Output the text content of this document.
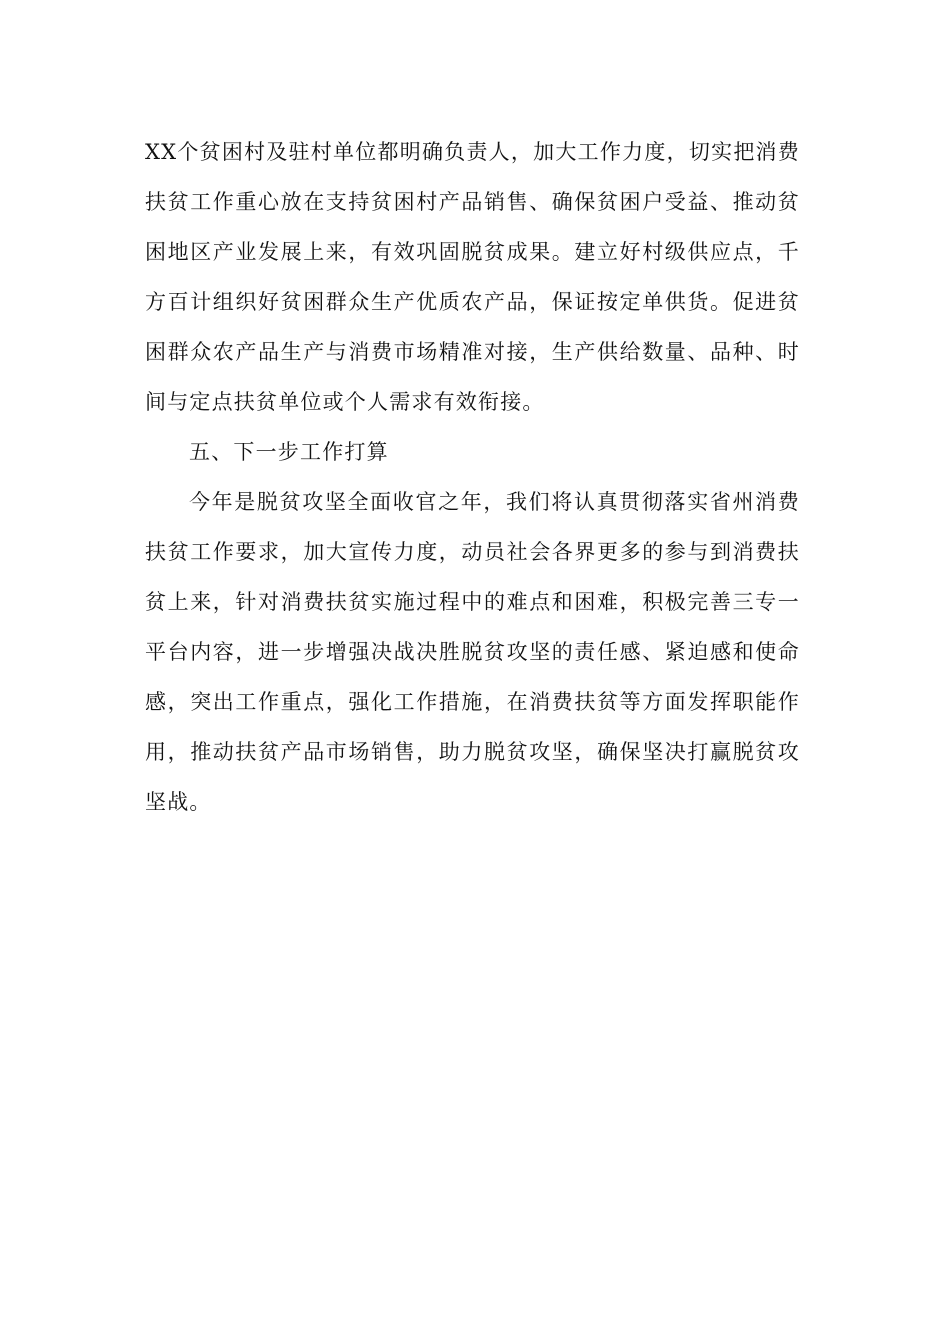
XX个贫困村及驻村单位都明确负责人，加大工作力度，切实把消费扶贫工作重心放在支持贫困村产品销售、确保贫困户受益、推动贫困地区产业发展上来，有效巩固脱贫成果。建立好村级供应点，千方百计组织好贫困群众生产优质农产品，保证按定单供货。促进贫困群众农产品生产与消费市场精准对接，生产供给数量、品种、时间与定点扶贫单位或个人需求有效衔接。

五、下一步工作打算

今年是脱贫攻坚全面收官之年，我们将认真贯彻落实省州消费扶贫工作要求，加大宣传力度，动员社会各界更多的参与到消费扶贫上来，针对消费扶贫实施过程中的难点和困难，积极完善三专一平台内容，进一步增强决战决胜脱贫攻坚的责任感、紧迫感和使命感，突出工作重点，强化工作措施，在消费扶贫等方面发挥职能作用，推动扶贫产品市场销售，助力脱贫攻坚，确保坚决打赢脱贫攻坚战。
